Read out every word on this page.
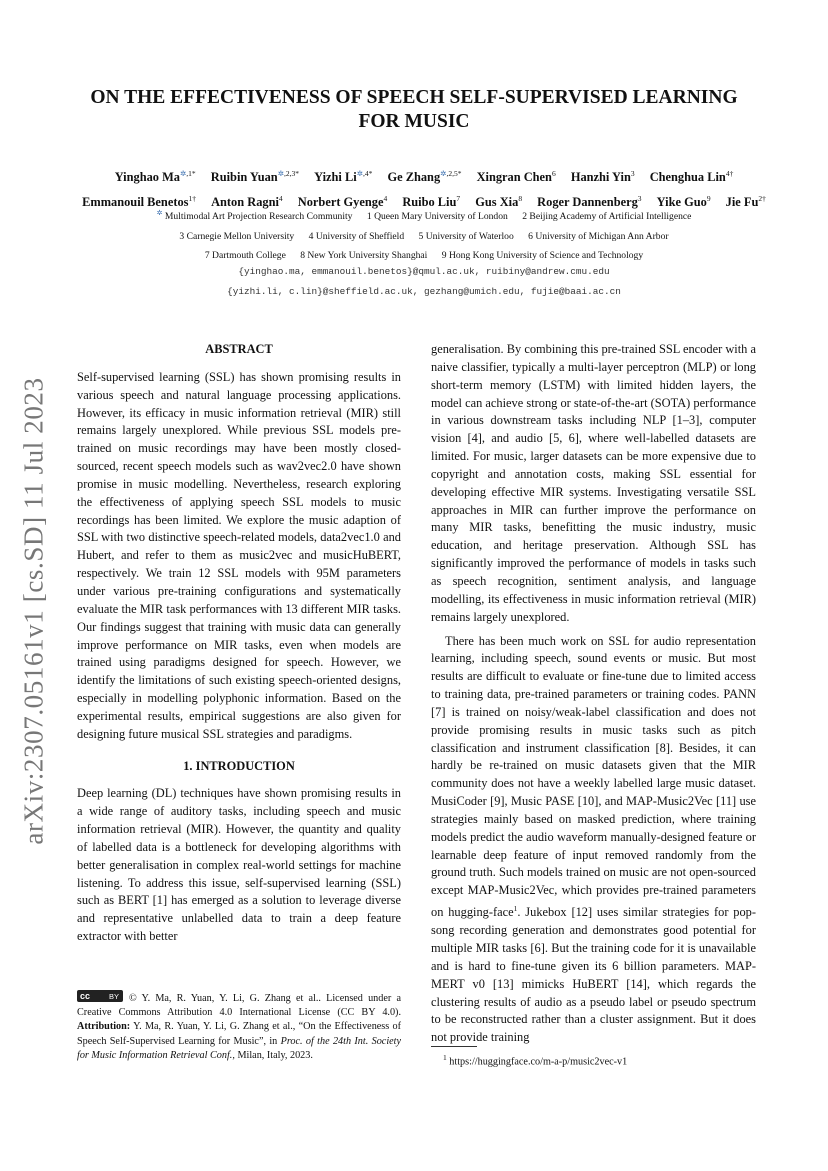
arXiv:2307.05161v1 [cs.SD] 11 Jul 2023
ON THE EFFECTIVENESS OF SPEECH SELF-SUPERVISED LEARNING FOR MUSIC
Yinghao $Ma^{✲,1*}$ Ruibin Yuan$^{✲,2,3*}$ Yizhi $Li^{✲,4*}$ Ge Zhang$^{✲,2,5*}$ Xingran Chen$^6$ Hanzhi Yin$^3$ Chenghua Lin$^{4\dagger}$
Emmanouil Benetos$^{1\dagger}$ Anton Ragni$^4$ Norbert Gyenge$^4$ Ruibo Liu$^7$ Gus Xia$^8$ Roger Dannenberg$^3$ Yike Guo$^9$ Jie $Fu^{2\dagger}$
✲ Multimodal Art Projection Research Community 1 Queen Mary University of London 2 Beijing Academy of Artificial Intelligence
3 Carnegie Mellon University 4 University of Sheffield 5 University of Waterloo 6 University of Michigan Ann Arbor
7 Dartmouth College 8 New York University Shanghai 9 Hong Kong University of Science and Technology
{yinghao.ma, emmanouil.benetos}@qmul.ac.uk, ruibiny@andrew.cmu.edu
{yizhi.li, c.lin}@sheffield.ac.uk, gezhang@umich.edu, fujie@baai.ac.cn

ABSTRACT

Self-supervised learning (SSL) has shown promising results in various speech and natural language processing applications. However, its efficacy in music information retrieval (MIR) still remains largely unexplored. While previous SSL models pre-trained on music recordings may have been mostly closed-sourced, recent speech models such as wav2vec2.0 have shown promise in music modelling. Nevertheless, research exploring the effectiveness of applying speech SSL models to music recordings has been limited. We explore the music adaption of SSL with two distinctive speech-related models, data2vec1.0 and Hubert, and refer to them as music2vec and musicHuBERT, respectively. We train 12 SSL models with 95M parameters under various pre-training configurations and systematically evaluate the MIR task performances with 13 different MIR tasks. Our findings suggest that training with music data can generally improve performance on MIR tasks, even when models are trained using paradigms designed for speech. However, we identify the limitations of such existing speech-oriented designs, especially in modelling polyphonic information. Based on the experimental results, empirical suggestions are also given for designing future musical SSL strategies and paradigms.

1. INTRODUCTION

Deep learning (DL) techniques have shown promising results in a wide range of auditory tasks, including speech and music information retrieval (MIR). However, the quantity and quality of labelled data is a bottleneck for developing algorithms with better generalisation in complex real-world settings for machine listening. To address this issue, self-supervised learning (SSL) such as BERT [1] has emerged as a solution to leverage diverse and representative unlabelled data to train a deep feature extractor with better

cc BY© Y. Ma, R. Yuan, Y. Li, G. Zhang et al.. Licensed under a Creative Commons Attribution 4.0 International License (CC BY 4.0). Attribution: Y. Ma, R. Yuan, Y. Li, G. Zhang et al., “On the Effectiveness of Speech Self-Supervised Learning for Music”, in Proc. of the 24th Int. Society for Music Information Retrieval Conf., Milan, Italy, 2023.

generalisation. By combining this pre-trained SSL encoder with a naive classifier, typically a multi-layer perceptron (MLP) or long short-term memory (LSTM) with limited hidden layers, the model can achieve strong or state-of-the-art (SOTA) performance in various downstream tasks including NLP [1–3], computer vision [4], and audio [5, 6], where well-labelled datasets are limited. For music, larger datasets can be more expensive due to copyright and annotation costs, making SSL essential for developing effective MIR systems. Investigating versatile SSL approaches in MIR can further improve the performance on many MIR tasks, benefitting the music industry, music education, and heritage preservation. Although SSL has significantly improved the performance of models in tasks such as speech recognition, sentiment analysis, and language modelling, its effectiveness in music information retrieval (MIR) remains largely unexplored.

There has been much work on SSL for audio representation learning, including speech, sound events or music. But most results are difficult to evaluate or fine-tune due to limited access to training data, pre-trained parameters or training codes. PANN [7] is trained on noisy/weak-label classification and does not provide promising results in music tasks such as pitch classification and instrument classification [8]. Besides, it can hardly be re-trained on music datasets given that the MIR community does not have a weekly labelled large music dataset. MusiCoder [9], Music PASE [10], and MAP-Music2Vec [11] use strategies mainly based on masked prediction, where training models predict the audio waveform manually-designed feature or learnable deep feature of input removed randomly from the ground truth. Such models trained on music are not open-sourced except MAP-Music2Vec, which provides pre-trained parameters on hugging-face$^1$. Jukebox [12] uses similar strategies for pop-song recording generation and demonstrates good potential for multiple MIR tasks [6]. But the training code for it is unavailable and is hard to fine-tune given its 6 billion parameters. MAP-MERT v0 [13] mimicks HuBERT [14], which regards the clustering results of audio as a pseudo label or pseudo spectrum to be reconstructed rather than a cluster assignment. But it does not provide training

$^1$ https://huggingface.co/m-a-p/music2vec-v1
